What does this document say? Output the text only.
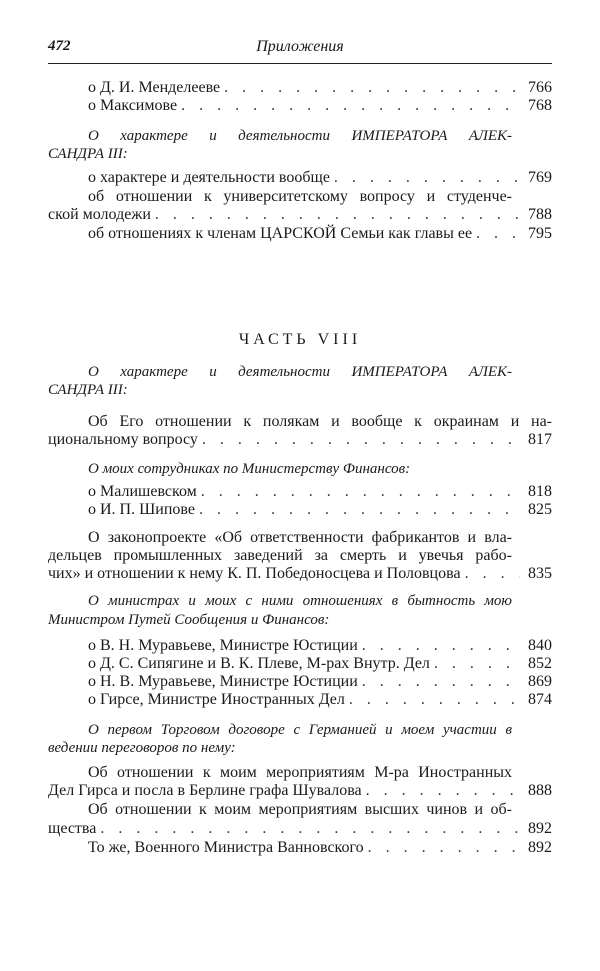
472	Приложения
о Д. И. Менделееве . . .	766
о Максимове . . .	768
О характере и деятельности ИМПЕРАТОРА АЛЕК-
САНДРА III:
о характере и деятельности вообще . . .	769
об отношении к университетскому вопросу и студенче-
ской молодежи . . .	788
об отношениях к членам ЦАРСКОЙ Семьи как главы ее . . .	795
ЧАСТЬ VIII
О характере и деятельности ИМПЕРАТОРА АЛЕК-
САНДРА III:
Об Его отношении к полякам и вообще к окраинам и на-
циональному вопросу . . .	817
О моих сотрудниках по Министерству Финансов:
о Малишевском . . .	818
о И. П. Шипове . . .	825
О законопроекте «Об ответственности фабрикантов и вла-
дельцев промышленных заведений за смерть и увечья рабо-
чих» и отношении к нему К. П. Победоносцева и Половцова . . .	835
О министрах и моих с ними отношениях в бытность мою
Министром Путей Сообщения и Финансов:
о В. Н. Муравьеве, Министре Юстиции . . .	840
о Д. С. Сипягине и В. К. Плеве, М-рах Внутр. Дел . . .	852
о Н. В. Муравьеве, Министре Юстиции . . .	869
о Гирсе, Министре Иностранных Дел . . .	874
О первом Торговом договоре с Германией и моем участии в
ведении переговоров по нему:
Об отношении к моим мероприятиям М-ра Иностранных
Дел Гирса и посла в Берлине графа Шувалова . . .	888
Об отношении к моим мероприятиям высших чинов и об-
щества . . .	892
То же, Военного Министра Ванновского . . .	892
